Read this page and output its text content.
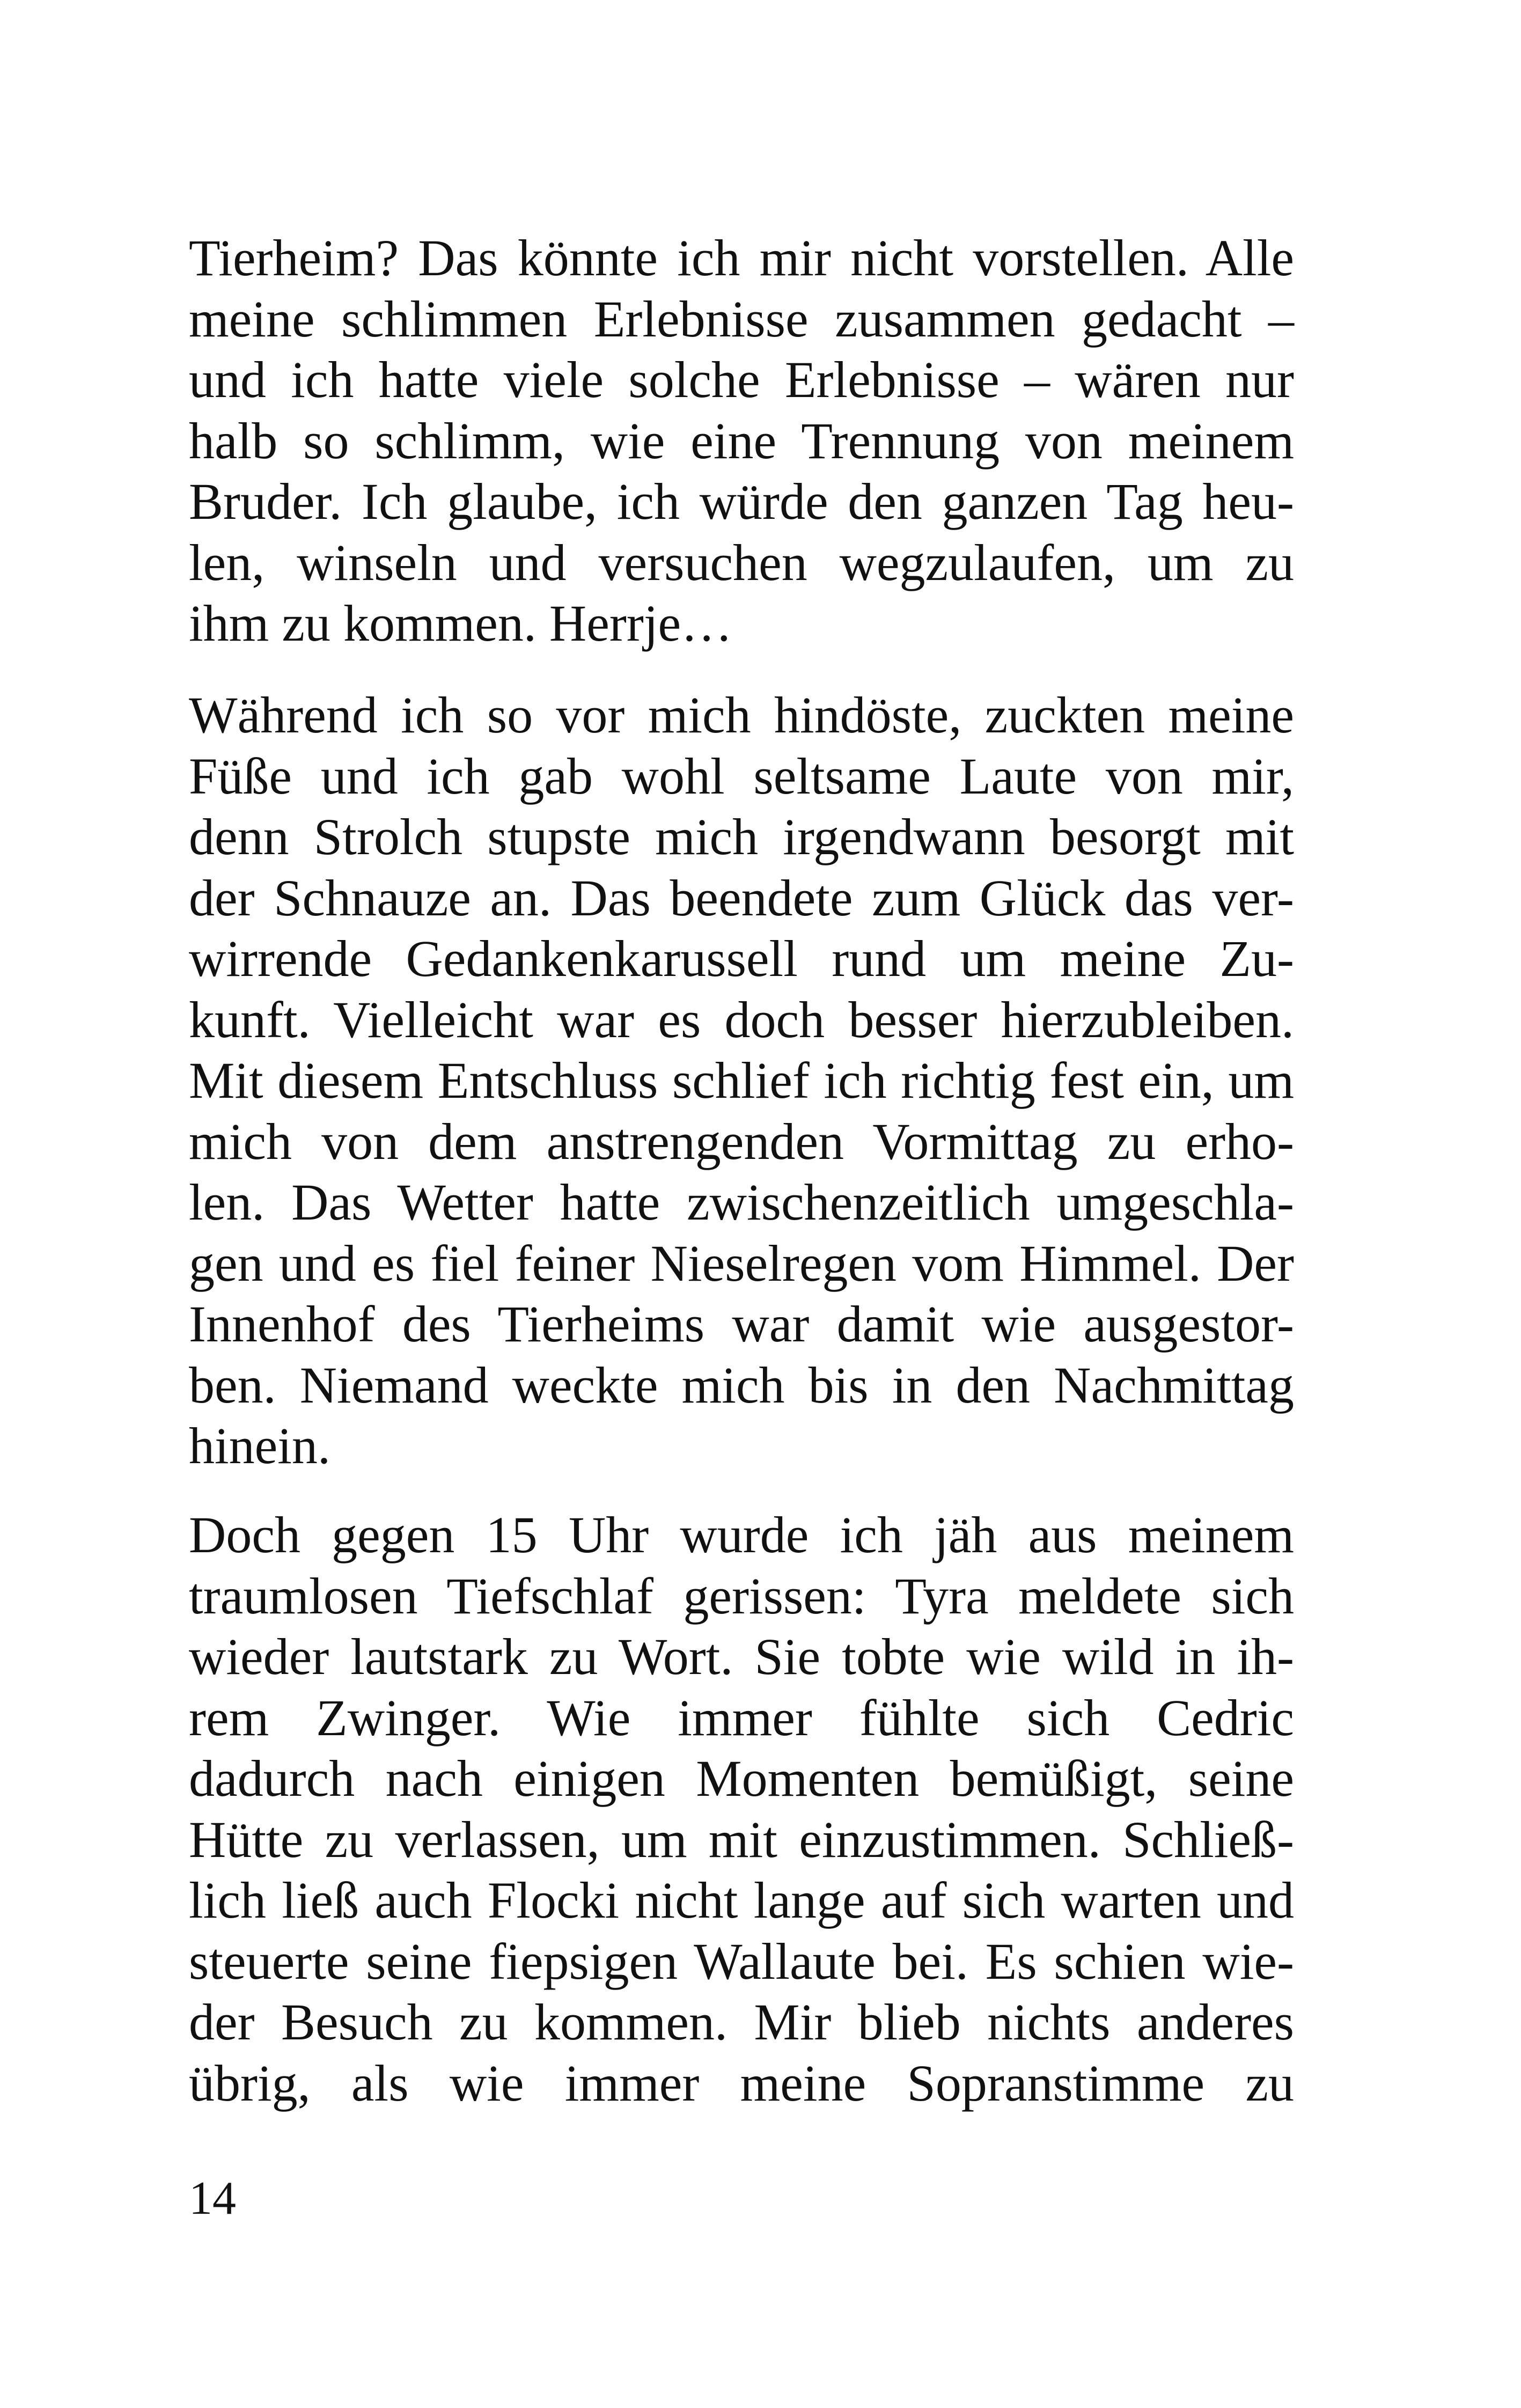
Tierheim? Das könnte ich mir nicht vorstellen. Alle
meine schlimmen Erlebnisse zusammen gedacht –
und ich hatte viele solche Erlebnisse – wären nur
halb so schlimm, wie eine Trennung von meinem
Bruder. Ich glaube, ich würde den ganzen Tag heu-
len, winseln und versuchen wegzulaufen, um zu
ihm zu kommen. Herrje…
Während ich so vor mich hindöste, zuckten meine
Füße und ich gab wohl seltsame Laute von mir,
denn Strolch stupste mich irgendwann besorgt mit
der Schnauze an. Das beendete zum Glück das ver-
wirrende Gedankenkarussell rund um meine Zu-
kunft. Vielleicht war es doch besser hierzubleiben.
Mit diesem Entschluss schlief ich richtig fest ein, um
mich von dem anstrengenden Vormittag zu erho-
len. Das Wetter hatte zwischenzeitlich umgeschla-
gen und es fiel feiner Nieselregen vom Himmel. Der
Innenhof des Tierheims war damit wie ausgestor-
ben. Niemand weckte mich bis in den Nachmittag
hinein.
Doch gegen 15 Uhr wurde ich jäh aus meinem
traumlosen Tiefschlaf gerissen: Tyra meldete sich
wieder lautstark zu Wort. Sie tobte wie wild in ih-
rem Zwinger. Wie immer fühlte sich Cedric
dadurch nach einigen Momenten bemüßigt, seine
Hütte zu verlassen, um mit einzustimmen. Schließ-
lich ließ auch Flocki nicht lange auf sich warten und
steuerte seine fiepsigen Wallaute bei. Es schien wie-
der Besuch zu kommen. Mir blieb nichts anderes
übrig, als wie immer meine Sopranstimme zu
14
